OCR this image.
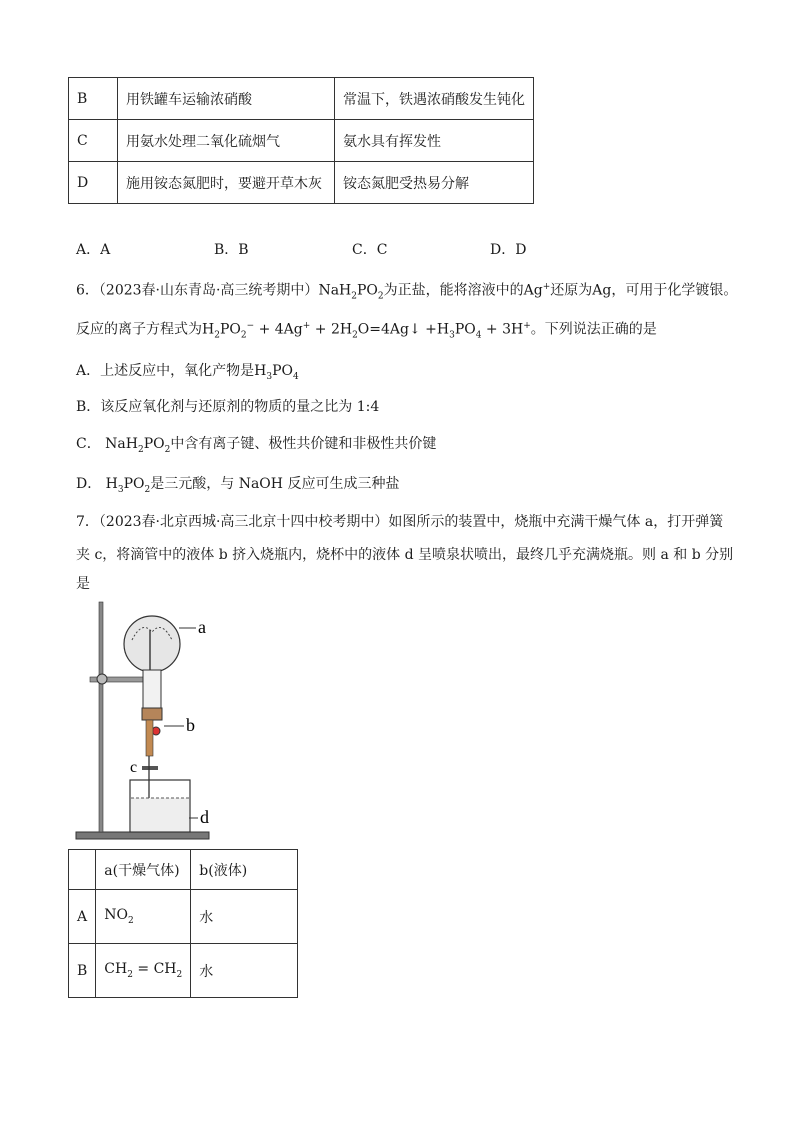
B	用铁罐车运输浓硝酸	常温下，铁遇浓硝酸发生钝化
C	用氨水处理二氧化硫烟气	氨水具有挥发性
D	施用铵态氮肥时，要避开草木灰	铵态氮肥受热易分解
A．A	B．B	C．C	D．D
6．（2023春·山东青岛·高三统考期中）$NaH_2PO_2$为正盐，能将溶液中的Ag+还原为Ag，可用于化学镀银。
反应的离子方程式为$H_2PO_2^- + 4Ag^+$ + $2H_2O=4Ag↓ +H_3PO_4 + 3H^+$。下列说法正确的是
A．上述反应中，氧化产物是$H_3PO_4$
B．该反应氧化剂与还原剂的物质的量之比为 1:4
C． $NaH_2PO_2$中含有离子键、极性共价键和非极性共价键
D． $H_3PO_2$是三元酸，与 NaOH 反应可生成三种盐
7．（2023春·北京西城·高三北京十四中校考期中）如图所示的装置中，烧瓶中充满干燥气体 a，打开弹簧
夹 c，将滴管中的液体 b 挤入烧瓶内，烧杯中的液体 d 呈喷泉状喷出，最终几乎充满烧瓶。则 a 和 b 分别
是
a
b
c
d
	a(干燥气体)	b(液体)
A	$NO_2$	水
B	$CH_2 = CH_2$	水
